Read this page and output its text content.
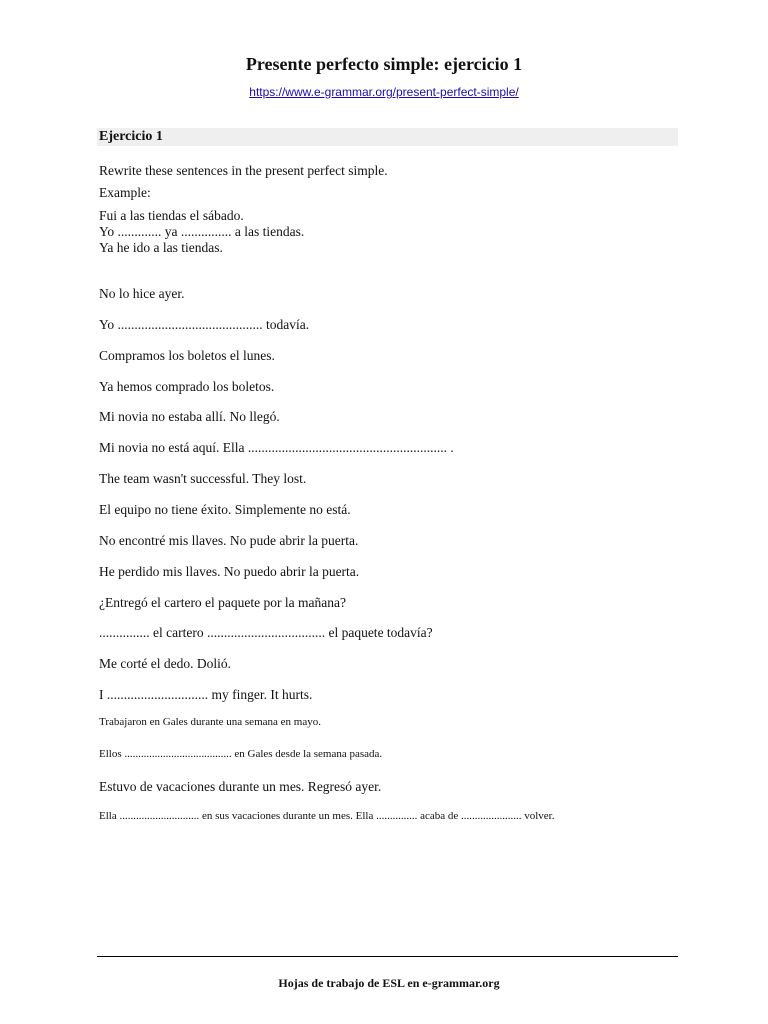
Presente perfecto simple: ejercicio 1
https://www.e-grammar.org/present-perfect-simple/
Ejercicio 1
Rewrite these sentences in the present perfect simple.
Example:
Fui a las tiendas el sábado.
Yo ............. ya ............... a las tiendas.
Ya he ido a las tiendas.
No lo hice ayer.
Yo ........................................... todavía.
Compramos los boletos el lunes.
Ya hemos comprado los boletos.
Mi novia no estaba allí. No llegó.
Mi novia no está aquí. Ella ........................................................... .
The team wasn't successful. They lost.
El equipo no tiene éxito. Simplemente no está.
No encontré mis llaves. No pude abrir la puerta.
He perdido mis llaves. No puedo abrir la puerta.
¿Entregó el cartero el paquete por la mañana?
............... el cartero ................................... el paquete todavía?
Me corté el dedo. Dolió.
I .............................. my finger. It hurts.
Trabajaron en Gales durante una semana en mayo.
Ellos ....................................... en Gales desde la semana pasada.
Estuvo de vacaciones durante un mes. Regresó ayer.
Ella ............................. en sus vacaciones durante un mes. Ella ............... acaba de ...................... volver.
Hojas de trabajo de ESL en e-grammar.org
